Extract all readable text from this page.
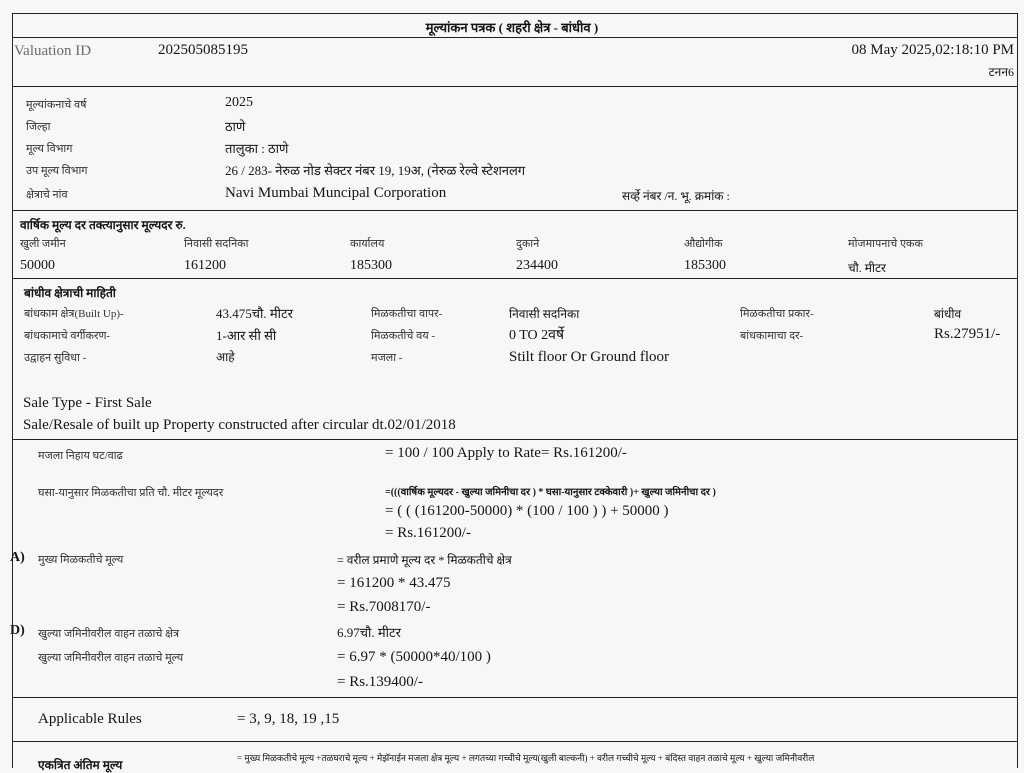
मूल्यांकन पत्रक ( शहरी क्षेत्र - बांधीव )
Valuation ID	202505085195	08 May 2025,02:18:10 PM
टनन6
मूल्यांकनाचे वर्ष	2025
जिल्हा	ठाणे
मूल्य विभाग	तालुका : ठाणे
उप मूल्य विभाग	26 / 283- नेरुळ नोड सेक्टर नंबर 19, 19अ, (नेरुळ रेल्वे स्टेशनलग
क्षेत्राचे नांव	Navi Mumbai Muncipal Corporation	सर्व्हे नंबर /न. भू. क्रमांक :
वार्षिक मूल्य दर तक्त्यानुसार मूल्यदर रु.
खुली जमीन	निवासी सदनिका	कार्यालय	दुकाने	औद्योगीक	मोजमापनाचे एकक
50000	161200	185300	234400	185300	चौ. मीटर
बांधीव क्षेत्राची माहिती
बांधकाम क्षेत्र(Built Up)-	43.475चौ. मीटर	मिळकतीचा वापर-	निवासी सदनिका	मिळकतीचा प्रकार-	बांधीव
बांधकामाचे वर्गीकरण-	1-आर सी सी	मिळकतीचे वय -	0 TO 2वर्षे	बांधकामाचा दर-	Rs.27951/-
उद्वाहन सुविधा -	आहे	मजला -	Stilt floor Or Ground floor
Sale Type - First Sale
Sale/Resale of built up Property constructed after circular dt.02/01/2018
मजला निहाय घट/वाढ	= 100 / 100 Apply to Rate= Rs.161200/-
घसा-यानुसार मिळकतीचा प्रति चौ. मीटर मूल्यदर	=(((वार्षिक मूल्यदर - खुल्या जमिनीचा दर ) * घसा-यानुसार टक्केवारी )+ खुल्या जमिनीचा दर )
= ( ( (161200-50000) * (100 / 100 ) ) + 50000 )
= Rs.161200/-
A) मुख्य मिळकतीचे मूल्य	= वरील प्रमाणे मूल्य दर * मिळकतीचे क्षेत्र
= 161200 * 43.475
= Rs.7008170/-
D) खुल्या जमिनीवरील वाहन तळाचे क्षेत्र	6.97चौ. मीटर
खुल्या जमिनीवरील वाहन तळाचे मूल्य	= 6.97 * (50000*40/100 )
= Rs.139400/-
Applicable Rules	= 3, 9, 18, 19 ,15
एकत्रित अंतिम मूल्य	= मुख्य मिळकतीचे मूल्य +तळघराचे मूल्य + मेझॅनाईन मजला क्षेत्र मूल्य + लगतच्या गच्चीचे मूल्य(खुली बाल्कनी) + वरील गच्चीचे मूल्य + बंदिस्त वाहन तळाचे मूल्य + खुल्या जमिनीवरील
